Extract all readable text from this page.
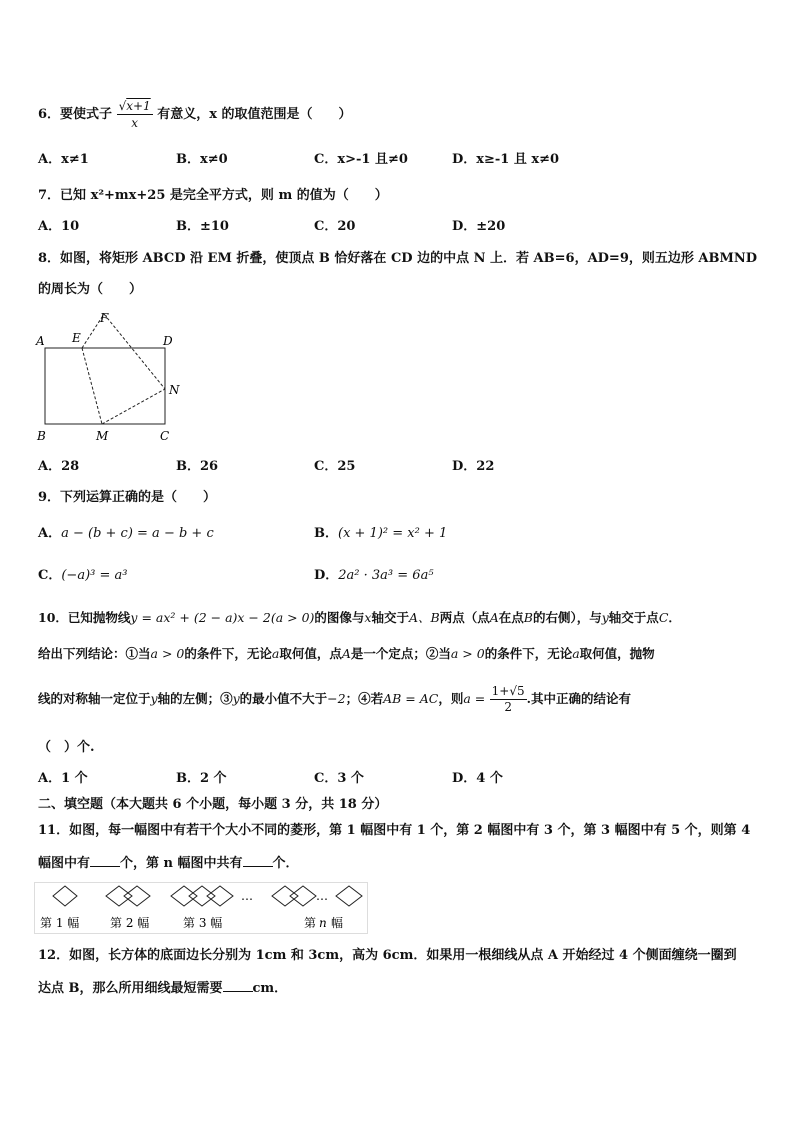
6．要使式子 $\frac{√x+1}{x}$ 有意义，x 的取值范围是（　　）
A．x≠1	B．x≠0	C．x>-1 且≠0	D．x≥-1 且 x≠0
7．已知 x²+mx+25 是完全平方式，则 m 的值为（　　）
A．10	B．±10	C．20	D．±20
8．如图，将矩形 ABCD 沿 EM 折叠，使顶点 B 恰好落在 CD 边的中点 N 上．若 AB=6，AD=9，则五边形 ABMND
的周长为（　　）
A E
F
D
N
B	M	C
A．28	B．26	C．25	D．22
9．下列运算正确的是（　　）
A．a − (b + c) = a − b + c	B．(x + 1)² = x² + 1
C．(−a)³ = a³	D．2a² · 3a³ = 6a⁵
10．已知抛物线y = ax² + (2 − a)x − 2(a > 0)的图像与x轴交于A、B两点（点A在点B的右侧），与y轴交于点C．
给出下列结论：①当a > 0的条件下，无论a取何值，点A是一个定点；②当a > 0的条件下，无论a取何值，抛物
线的对称轴一定位于y轴的左侧；③y的最小值不大于−2；④若AB = AC，则$a = \frac{1+√5}{2}$ .其中正确的结论有
（　）个.
A．1 个	B．2 个	C．3 个	D．4 个
二、填空题（本大题共 6 个小题，每小题 3 分，共 18 分）
11．如图，每一幅图中有若干个大小不同的菱形，第 1 幅图中有 1 个，第 2 幅图中有 3 个，第 3 幅图中有 5 个，则第 4
幅图中有 个，第 n 幅图中共有 个．
…
…
第 1 幅	第 2 幅	第 3 幅	第 n 幅
12．如图，长方体的底面边长分别为 1cm 和 3cm，高为 6cm．如果用一根细线从点 A 开始经过 4 个侧面缠绕一圈到
达点 B，那么所用细线最短需要 cm．
